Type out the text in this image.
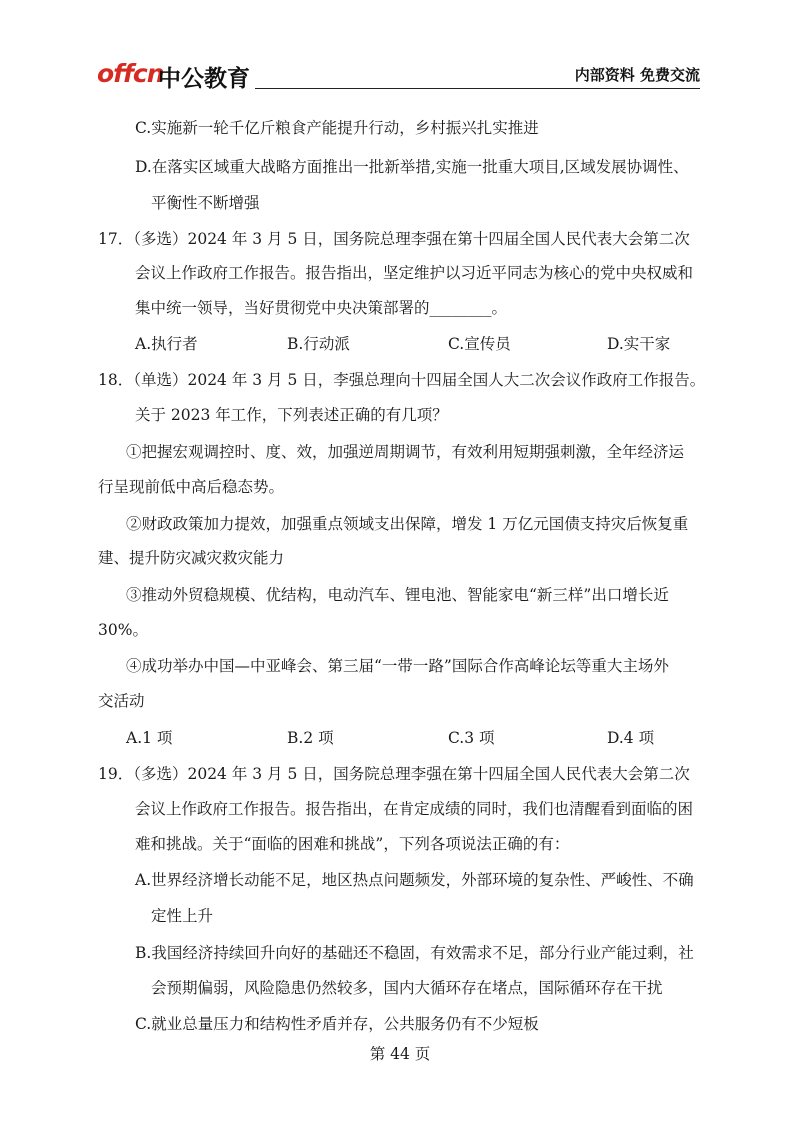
offcn
中公教育	内部资料 免费交流
C.实施新一轮千亿斤粮食产能提升行动，乡村振兴扎实推进
D.在落实区域重大战略方面推出一批新举措,实施一批重大项目,区域发展协调性、
平衡性不断增强
17．（多选）2024 年 3 月 5 日，国务院总理李强在第十四届全国人民代表大会第二次
会议上作政府工作报告。报告指出，坚定维护以习近平同志为核心的党中央权威和
集中统一领导，当好贯彻党中央决策部署的________。
A.执行者	B.行动派	C.宣传员	D.实干家
18．（单选）2024 年 3 月 5 日，李强总理向十四届全国人大二次会议作政府工作报告。
关于 2023 年工作，下列表述正确的有几项？
①把握宏观调控时、度、效，加强逆周期调节，有效利用短期强刺激，全年经济运
行呈现前低中高后稳态势。
②财政政策加力提效，加强重点领域支出保障，增发 1 万亿元国债支持灾后恢复重
建、提升防灾减灾救灾能力
③推动外贸稳规模、优结构，电动汽车、锂电池、智能家电“新三样”出口增长近
30%。
④成功举办中国—中亚峰会、第三届“一带一路”国际合作高峰论坛等重大主场外
交活动
A.1 项	B.2 项	C.3 项	D.4 项
19．（多选）2024 年 3 月 5 日，国务院总理李强在第十四届全国人民代表大会第二次
会议上作政府工作报告。报告指出，在肯定成绩的同时，我们也清醒看到面临的困
难和挑战。关于“面临的困难和挑战”，下列各项说法正确的有：
A.世界经济增长动能不足，地区热点问题频发，外部环境的复杂性、严峻性、不确
定性上升
B.我国经济持续回升向好的基础还不稳固，有效需求不足，部分行业产能过剩，社
会预期偏弱，风险隐患仍然较多，国内大循环存在堵点，国际循环存在干扰
C.就业总量压力和结构性矛盾并存，公共服务仍有不少短板
第 44 页
